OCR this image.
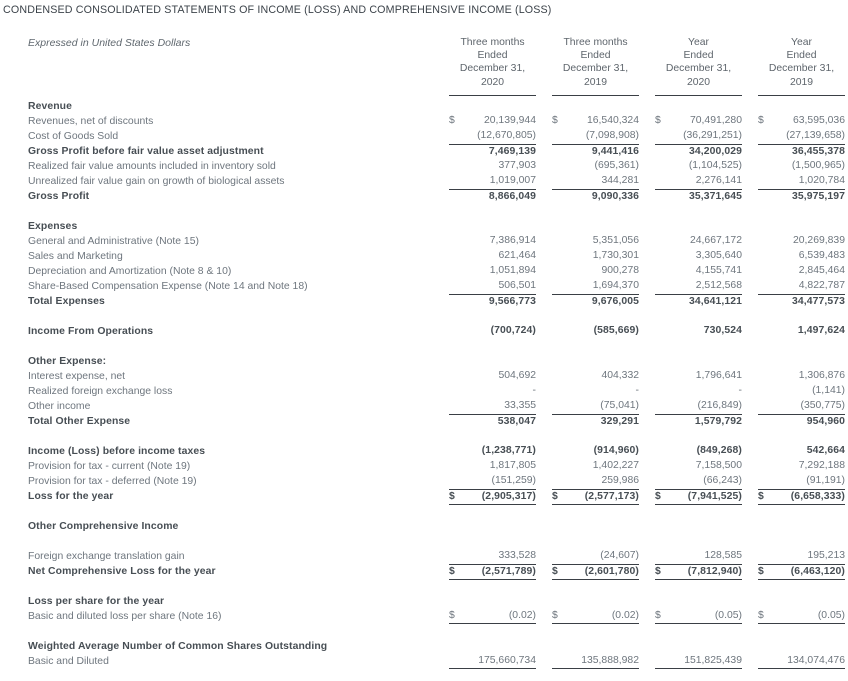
CONDENSED CONSOLIDATED STATEMENTS OF INCOME (LOSS) AND COMPREHENSIVE INCOME (LOSS)
Expressed in United States Dollars	Three months
Ended
December 31,
2020
Three months
Ended
December 31,
2019
Year
Ended
December 31,
2020
Year
Ended
December 31,
2019
Revenue
Revenues, net of discounts	$	20,139,944 $	16,540,324 $	70,491,280 $	63,595,036
Cost of Goods Sold	(12,670,805)	(7,098,908)	(36,291,251)	(27,139,658)
Gross Profit before fair value asset adjustment	7,469,139	9,441,416	34,200,029	36,455,378
Realized fair value amounts included in inventory sold	377,903	(695,361)	(1,104,525)	(1,500,965)
Unrealized fair value gain on growth of biological assets	1,019,007	344,281	2,276,141	1,020,784
Gross Profit	8,866,049	9,090,336	35,371,645	35,975,197
Expenses
General and Administrative (Note 15)	7,386,914	5,351,056	24,667,172	20,269,839
Sales and Marketing	621,464	1,730,301	3,305,640	6,539,483
Depreciation and Amortization (Note 8 & 10)	1,051,894	900,278	4,155,741	2,845,464
Share-Based Compensation Expense (Note 14 and Note 18)	506,501	1,694,370	2,512,568	4,822,787
Total Expenses	9,566,773	9,676,005	34,641,121	34,477,573
Income From Operations	(700,724)	(585,669)	730,524	1,497,624
Other Expense:
Interest expense, net	504,692	404,332	1,796,641	1,306,876
Realized foreign exchange loss	-	-	-	(1,141)
Other income	33,355	(75,041)	(216,849)	(350,775)
Total Other Expense	538,047	329,291	1,579,792	954,960
Income (Loss) before income taxes	(1,238,771)	(914,960)	(849,268)	542,664
Provision for tax - current (Note 19)	1,817,805	1,402,227	7,158,500	7,292,188
Provision for tax - deferred (Note 19)	(151,259)	259,986	(66,243)	(91,191)
Loss for the year	$	(2,905,317) $	(2,577,173) $	(7,941,525) $	(6,658,333)
Other Comprehensive Income
Foreign exchange translation gain	333,528	(24,607)	128,585	195,213
Net Comprehensive Loss for the year	$	(2,571,789) $	(2,601,780) $	(7,812,940) $	(6,463,120)
Loss per share for the year
Basic and diluted loss per share (Note 16)	$	(0.02) $	(0.02) $	(0.05) $	(0.05)
Weighted Average Number of Common Shares Outstanding
Basic and Diluted	175,660,734	135,888,982	151,825,439	134,074,476
